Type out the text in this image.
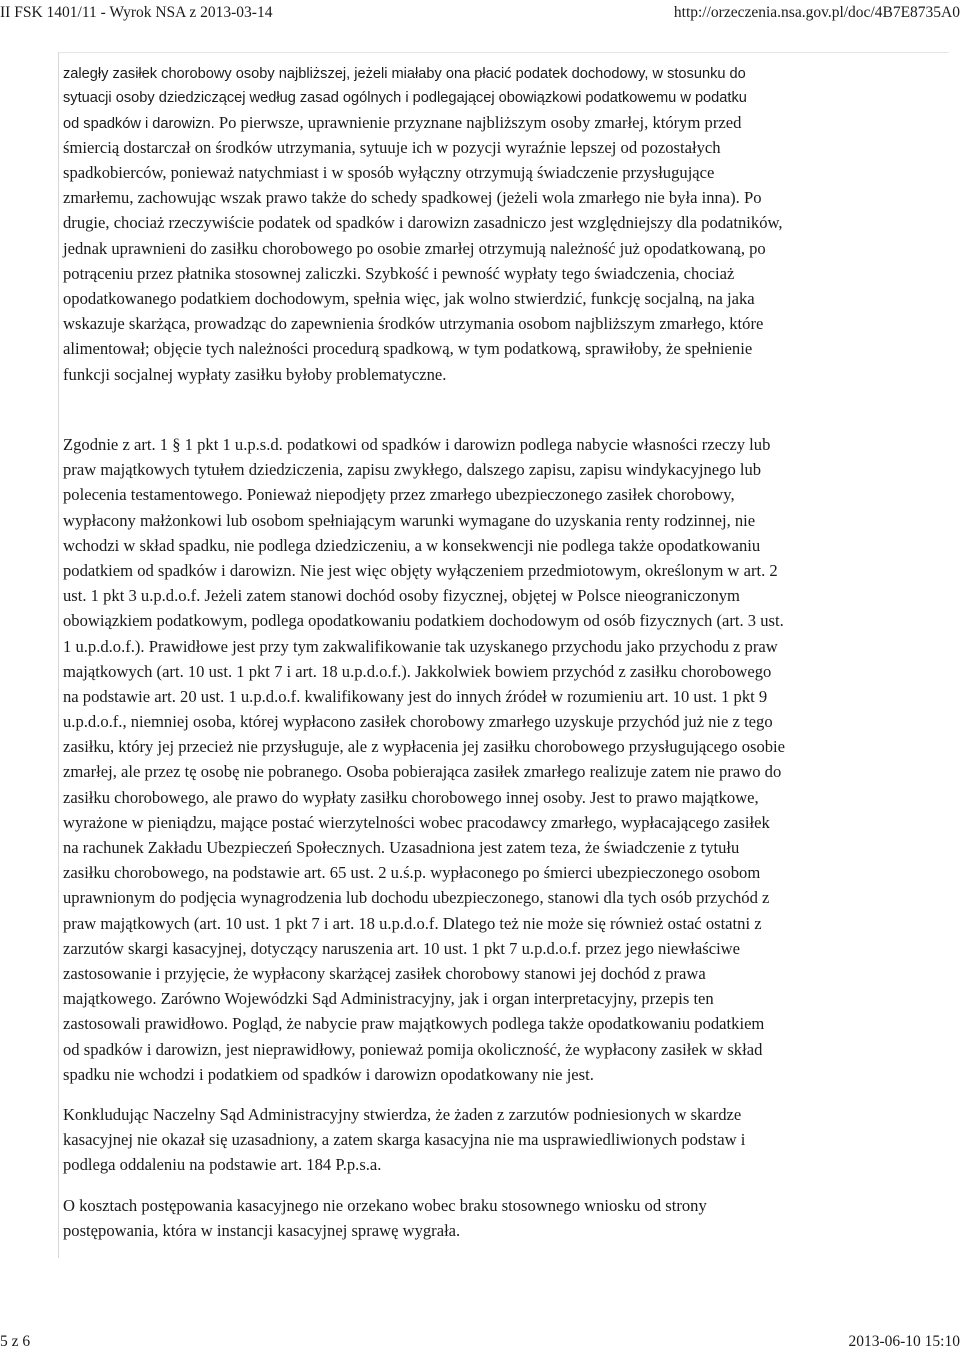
II FSK 1401/11 - Wyrok NSA z 2013-03-14	http://orzeczenia.nsa.gov.pl/doc/4B7E8735A0
zaległy zasiłek chorobowy osoby najbliższej, jeżeli miałaby ona płacić podatek dochodowy, w stosunku do
sytuacji osoby dziedziczącej według zasad ogólnych i podlegającej obowiązkowi podatkowemu w podatku
od spadków i darowizn. Po pierwsze, uprawnienie przyznane najbliższym osoby zmarłej, którym przed
śmiercią dostarczał on środków utrzymania, sytuuje ich w pozycji wyraźnie lepszej od pozostałych
spadkobierców, ponieważ natychmiast i w sposób wyłączny otrzymują świadczenie przysługujące
zmarłemu, zachowując wszak prawo także do schedy spadkowej (jeżeli wola zmarłego nie była inna). Po
drugie, chociaż rzeczywiście podatek od spadków i darowizn zasadniczo jest względniejszy dla podatników,
jednak uprawnieni do zasiłku chorobowego po osobie zmarłej otrzymują należność już opodatkowaną, po
potrąceniu przez płatnika stosownej zaliczki. Szybkość i pewność wypłaty tego świadczenia, chociaż
opodatkowanego podatkiem dochodowym, spełnia więc, jak wolno stwierdzić, funkcję socjalną, na jaka
wskazuje skarżąca, prowadząc do zapewnienia środków utrzymania osobom najbliższym zmarłego, które
alimentował; objęcie tych należności procedurą spadkową, w tym podatkową, sprawiłoby, że spełnienie
funkcji socjalnej wypłaty zasiłku byłoby problematyczne.
Zgodnie z art. 1 § 1 pkt 1 u.p.s.d. podatkowi od spadków i darowizn podlega nabycie własności rzeczy lub
praw majątkowych tytułem dziedziczenia, zapisu zwykłego, dalszego zapisu, zapisu windykacyjnego lub
polecenia testamentowego. Ponieważ niepodjęty przez zmarłego ubezpieczonego zasiłek chorobowy,
wypłacony małżonkowi lub osobom spełniającym warunki wymagane do uzyskania renty rodzinnej, nie
wchodzi w skład spadku, nie podlega dziedziczeniu, a w konsekwencji nie podlega także opodatkowaniu
podatkiem od spadków i darowizn. Nie jest więc objęty wyłączeniem przedmiotowym, określonym w art. 2
ust. 1 pkt 3 u.p.d.o.f. Jeżeli zatem stanowi dochód osoby fizycznej, objętej w Polsce nieograniczonym
obowiązkiem podatkowym, podlega opodatkowaniu podatkiem dochodowym od osób fizycznych (art. 3 ust.
1 u.p.d.o.f.). Prawidłowe jest przy tym zakwalifikowanie tak uzyskanego przychodu jako przychodu z praw
majątkowych (art. 10 ust. 1 pkt 7 i art. 18 u.p.d.o.f.). Jakkolwiek bowiem przychód z zasiłku chorobowego
na podstawie art. 20 ust. 1 u.p.d.o.f. kwalifikowany jest do innych źródeł w rozumieniu art. 10 ust. 1 pkt 9
u.p.d.o.f., niemniej osoba, której wypłacono zasiłek chorobowy zmarłego uzyskuje przychód już nie z tego
zasiłku, który jej przecież nie przysługuje, ale z wypłacenia jej zasiłku chorobowego przysługującego osobie
zmarłej, ale przez tę osobę nie pobranego. Osoba pobierająca zasiłek zmarłego realizuje zatem nie prawo do
zasiłku chorobowego, ale prawo do wypłaty zasiłku chorobowego innej osoby. Jest to prawo majątkowe,
wyrażone w pieniądzu, mające postać wierzytelności wobec pracodawcy zmarłego, wypłacającego zasiłek
na rachunek Zakładu Ubezpieczeń Społecznych. Uzasadniona jest zatem teza, że świadczenie z tytułu
zasiłku chorobowego, na podstawie art. 65 ust. 2 u.ś.p. wypłaconego po śmierci ubezpieczonego osobom
uprawnionym do podjęcia wynagrodzenia lub dochodu ubezpieczonego, stanowi dla tych osób przychód z
praw majątkowych (art. 10 ust. 1 pkt 7 i art. 18 u.p.d.o.f. Dlatego też nie może się również ostać ostatni z
zarzutów skargi kasacyjnej, dotyczący naruszenia art. 10 ust. 1 pkt 7 u.p.d.o.f. przez jego niewłaściwe
zastosowanie i przyjęcie, że wypłacony skarżącej zasiłek chorobowy stanowi jej dochód z prawa
majątkowego. Zarówno Wojewódzki Sąd Administracyjny, jak i organ interpretacyjny, przepis ten
zastosowali prawidłowo. Pogląd, że nabycie praw majątkowych podlega także opodatkowaniu podatkiem
od spadków i darowizn, jest nieprawidłowy, ponieważ pomija okoliczność, że wypłacony zasiłek w skład
spadku nie wchodzi i podatkiem od spadków i darowizn opodatkowany nie jest.
Konkludując Naczelny Sąd Administracyjny stwierdza, że żaden z zarzutów podniesionych w skardze
kasacyjnej nie okazał się uzasadniony, a zatem skarga kasacyjna nie ma usprawiedliwionych podstaw i
podlega oddaleniu na podstawie art. 184 P.p.s.a.
O kosztach postępowania kasacyjnego nie orzekano wobec braku stosownego wniosku od strony
postępowania, która w instancji kasacyjnej sprawę wygrała.
5 z 6	2013-06-10 15:10
